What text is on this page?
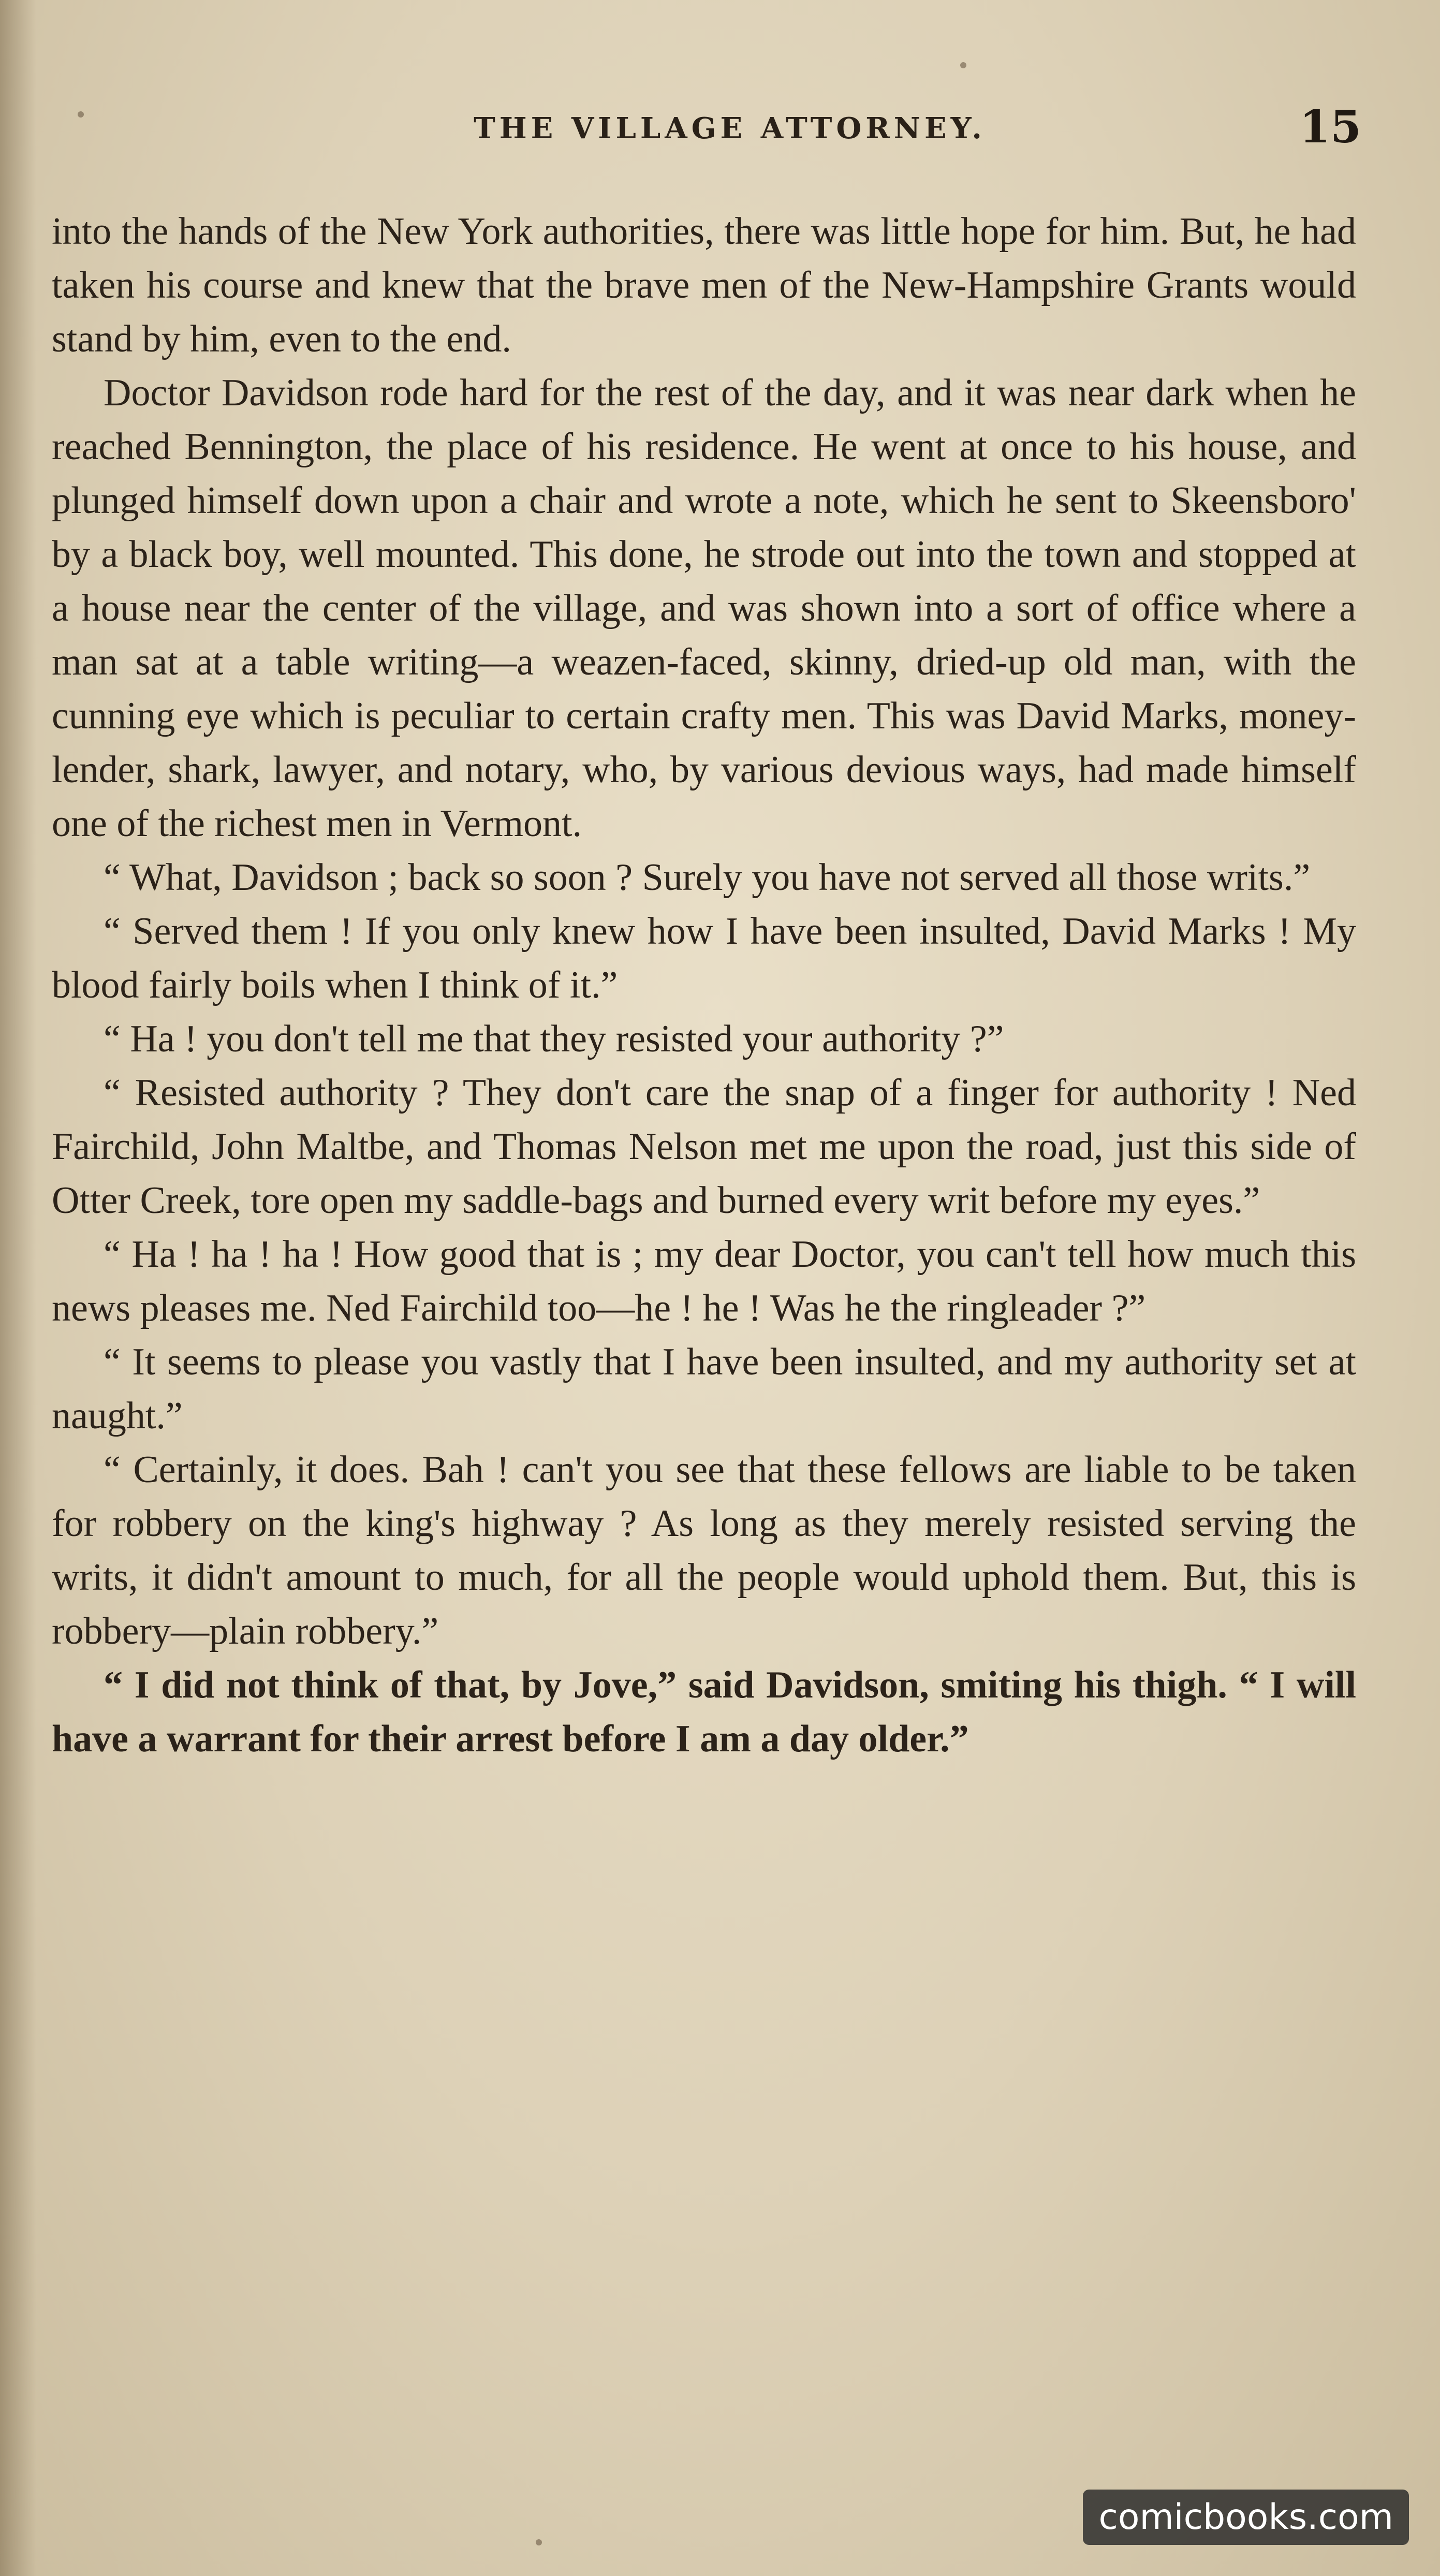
THE VILLAGE ATTORNEY.	15

into the hands of the New York authorities, there was little hope for him. But, he had taken his course and knew that the brave men of the New-Hampshire Grants would stand by him, even to the end.

Doctor Davidson rode hard for the rest of the day, and it was near dark when he reached Bennington, the place of his residence. He went at once to his house, and plunged himself down upon a chair and wrote a note, which he sent to Skeensboro' by a black boy, well mounted. This done, he strode out into the town and stopped at a house near the center of the village, and was shown into a sort of office where a man sat at a table writing—a weazen-faced, skinny, dried-up old man, with the cunning eye which is peculiar to certain crafty men. This was David Marks, money-lender, shark, lawyer, and notary, who, by various devious ways, had made himself one of the richest men in Vermont.

“ What, Davidson ; back so soon ? Surely you have not served all those writs.”

“ Served them ! If you only knew how I have been insulted, David Marks ! My blood fairly boils when I think of it.”

“ Ha ! you don't tell me that they resisted your authority ?”

“ Resisted authority ? They don't care the snap of a finger for authority ! Ned Fairchild, John Maltbe, and Thomas Nelson met me upon the road, just this side of Otter Creek, tore open my saddle-bags and burned every writ before my eyes.”

“ Ha ! ha ! ha ! How good that is ; my dear Doctor, you can't tell how much this news pleases me. Ned Fairchild too—he ! he ! Was he the ringleader ?”

“ It seems to please you vastly that I have been insulted, and my authority set at naught.”

“ Certainly, it does. Bah ! can't you see that these fellows are liable to be taken for robbery on the king's highway ? As long as they merely resisted serving the writs, it didn't amount to much, for all the people would uphold them. But, this is robbery—plain robbery.”

“ I did not think of that, by Jove,” said Davidson, smiting his thigh. “ I will have a warrant for their arrest before I am a day older.”

comicbooks.com
